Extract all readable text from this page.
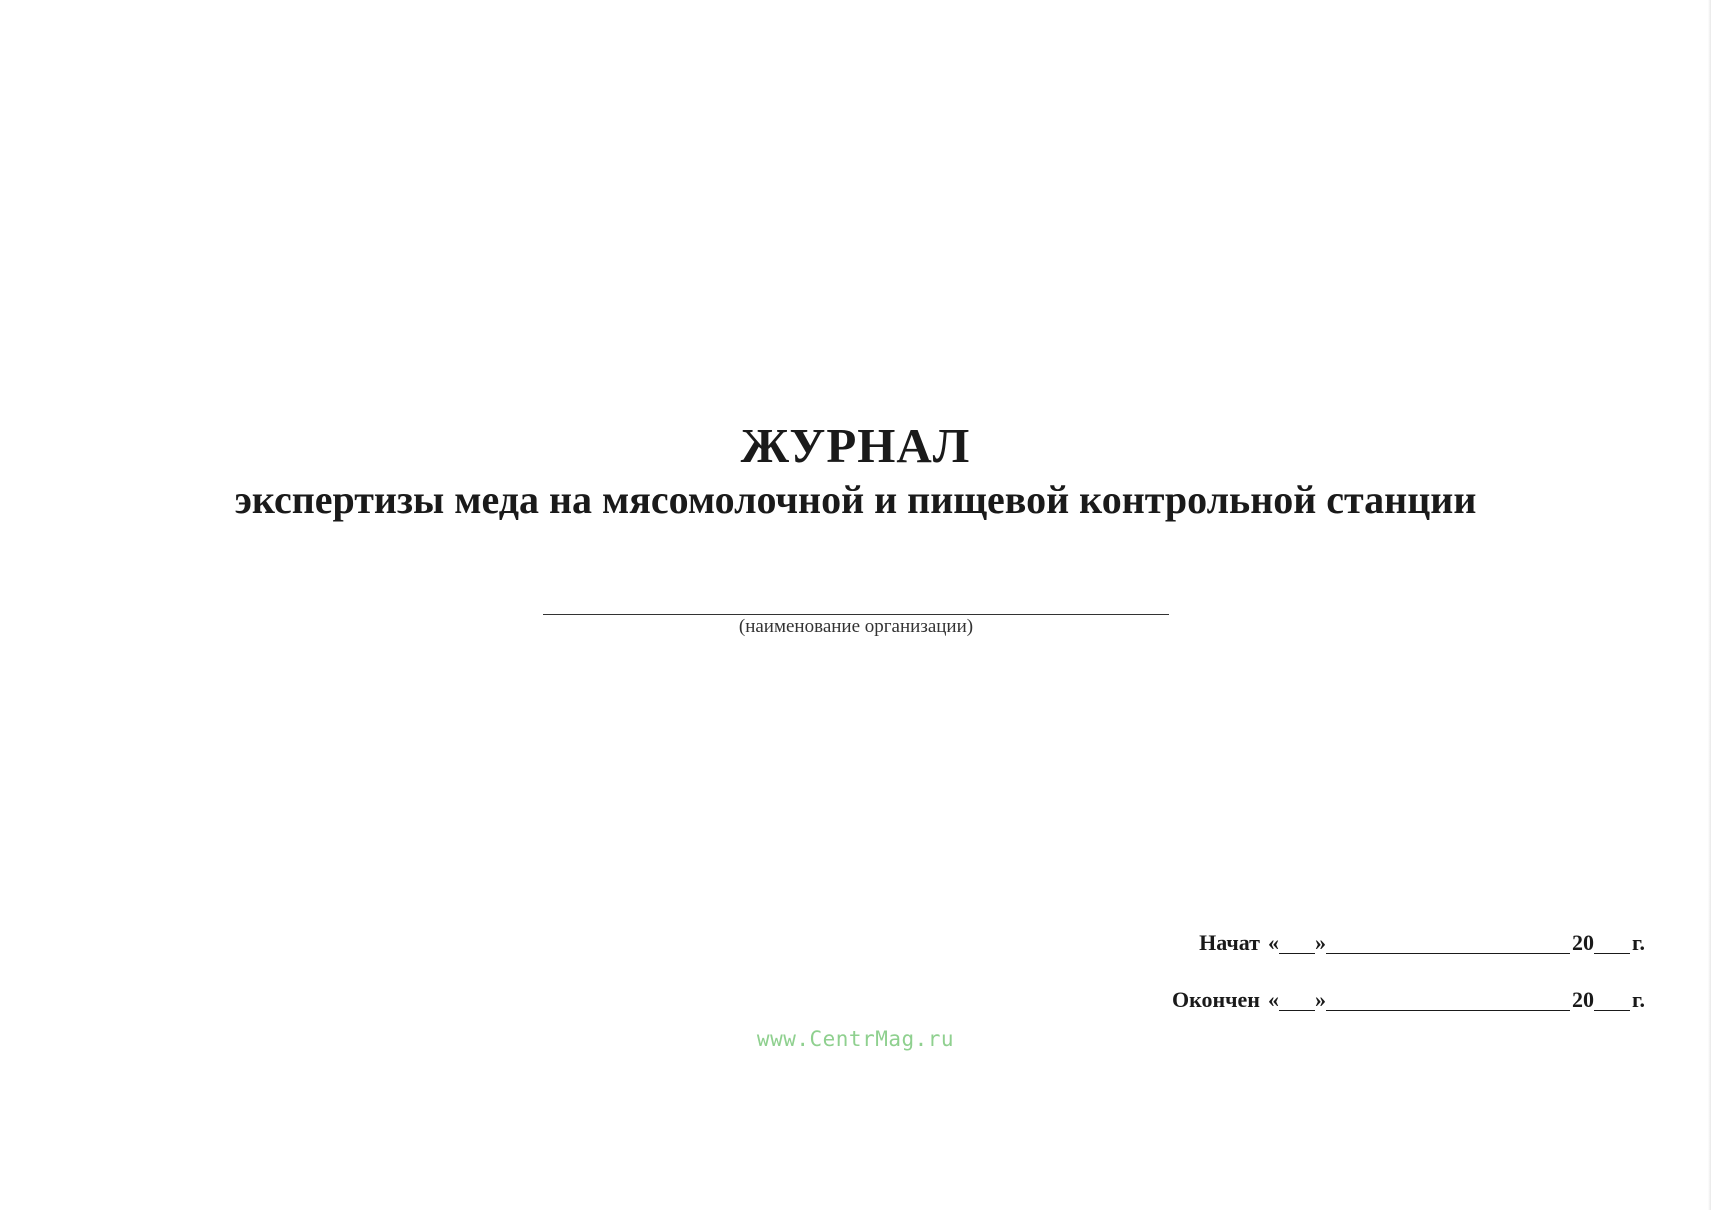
ЖУРНАЛ
экспертизы меда на мясомолочной и пищевой контрольной станции
(наименование организации)
Начат « »	20 г.
Окончен « »	20 г.
www.CentrMag.ru
